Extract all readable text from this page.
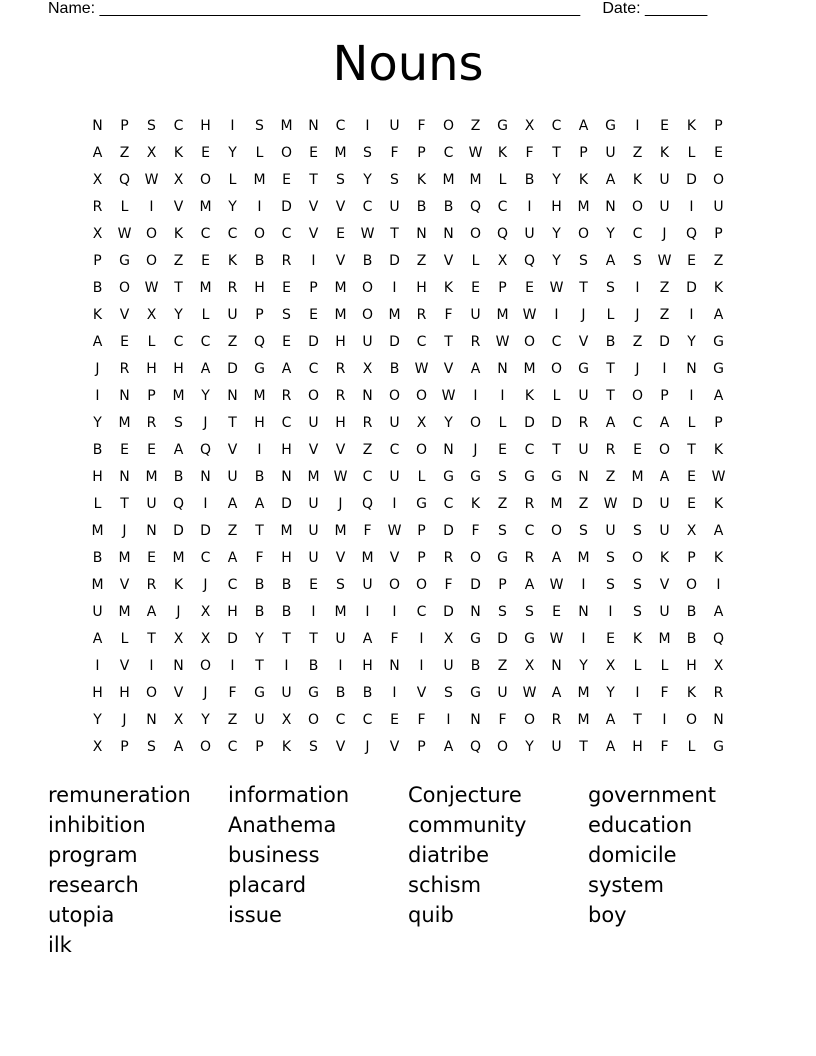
Name: ______________________________________________________ Date: _______
Nouns
N	P	S	C	H	I	S	M	N	C	I	U	F	O	Z	G	X	C	A	G	I	E	K	P
A	Z	X	K	E	Y	L	O	E	M	S	F	P	C	W	K	F	T	P	U	Z	K	L	E
X	Q	W	X	O	L	M	E	T	S	Y	S	K	M	M	L	B	Y	K	A	K	U	D	O
R	L	I	V	M	Y	I	D	V	V	C	U	B	B	Q	C	I	H	M	N	O	U	I	U
X	W	O	K	C	C	O	C	V	E	W	T	N	N	O	Q	U	Y	O	Y	C	J	Q	P
P	G	O	Z	E	K	B	R	I	V	B	D	Z	V	L	X	Q	Y	S	A	S	W	E	Z
B	O	W	T	M	R	H	E	P	M	O	I	H	K	E	P	E	W	T	S	I	Z	D	K
K	V	X	Y	L	U	P	S	E	M	O	M	R	F	U	M	W	I	J	L	J	Z	I	A
A	E	L	C	C	Z	Q	E	D	H	U	D	C	T	R	W	O	C	V	B	Z	D	Y	G
J	R	H	H	A	D	G	A	C	R	X	B	W	V	A	N	M	O	G	T	J	I	N	G
I	N	P	M	Y	N	M	R	O	R	N	O	O	W	I	I	K	L	U	T	O	P	I	A
Y	M	R	S	J	T	H	C	U	H	R	U	X	Y	O	L	D	D	R	A	C	A	L	P
B	E	E	A	Q	V	I	H	V	V	Z	C	O	N	J	E	C	T	U	R	E	O	T	K
H	N	M	B	N	U	B	N	M	W	C	U	L	G	G	S	G	G	N	Z	M	A	E	W
L	T	U	Q	I	A	A	D	U	J	Q	I	G	C	K	Z	R	M	Z	W	D	U	E	K
M	J	N	D	D	Z	T	M	U	M	F	W	P	D	F	S	C	O	S	U	S	U	X	A
B	M	E	M	C	A	F	H	U	V	M	V	P	R	O	G	R	A	M	S	O	K	P	K
M	V	R	K	J	C	B	B	E	S	U	O	O	F	D	P	A	W	I	S	S	V	O	I
U	M	A	J	X	H	B	B	I	M	I	I	C	D	N	S	S	E	N	I	S	U	B	A
A	L	T	X	X	D	Y	T	T	U	A	F	I	X	G	D	G	W	I	E	K	M	B	Q
I	V	I	N	O	I	T	I	B	I	H	N	I	U	B	Z	X	N	Y	X	L	L	H	X
H	H	O	V	J	F	G	U	G	B	B	I	V	S	G	U	W	A	M	Y	I	F	K	R
Y	J	N	X	Y	Z	U	X	O	C	C	E	F	I	N	F	O	R	M	A	T	I	O	N
X	P	S	A	O	C	P	K	S	V	J	V	P	A	Q	O	Y	U	T	A	H	F	L	G
remuneration	information	Conjecture	government
inhibition	Anathema	community	education
program	business	diatribe	domicile
research	placard	schism	system
utopia	issue	quib	boy
ilk
